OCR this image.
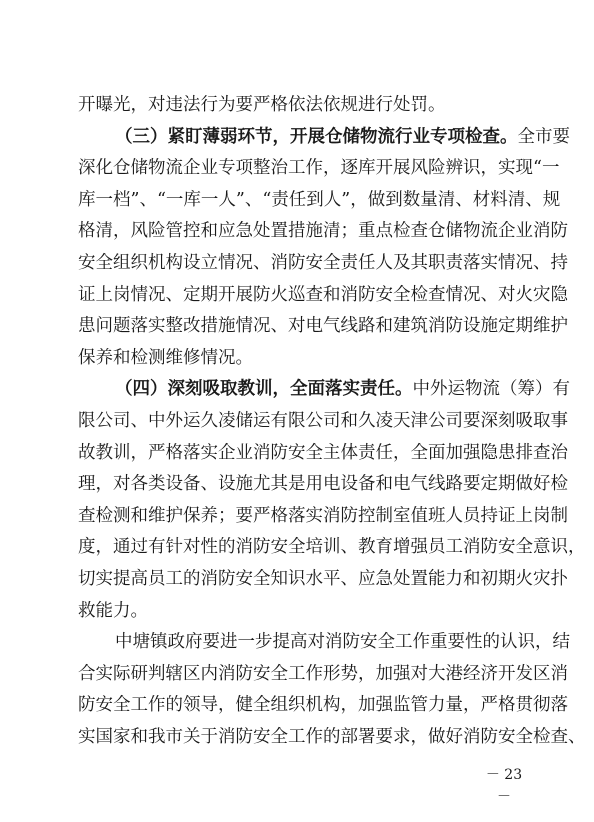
开曝光，对违法行为要严格依法依规进行处罚。
（三）紧盯薄弱环节，开展仓储物流行业专项检查。全市要
深化仓储物流企业专项整治工作，逐库开展风险辨识，实现“一
库一档”、“一库一人”、“责任到人”，做到数量清、材料清、规
格清，风险管控和应急处置措施清；重点检查仓储物流企业消防
安全组织机构设立情况、消防安全责任人及其职责落实情况、持
证上岗情况、定期开展防火巡查和消防安全检查情况、对火灾隐
患问题落实整改措施情况、对电气线路和建筑消防设施定期维护
保养和检测维修情况。
（四）深刻吸取教训，全面落实责任。中外运物流（筹）有
限公司、中外运久凌储运有限公司和久凌天津公司要深刻吸取事
故教训，严格落实企业消防安全主体责任，全面加强隐患排查治
理，对各类设备、设施尤其是用电设备和电气线路要定期做好检
查检测和维护保养；要严格落实消防控制室值班人员持证上岗制
度，通过有针对性的消防安全培训、教育增强员工消防安全意识，
切实提高员工的消防安全知识水平、应急处置能力和初期火灾扑
救能力。
中塘镇政府要进一步提高对消防安全工作重要性的认识，结
合实际研判辖区内消防安全工作形势，加强对大港经济开发区消
防安全工作的领导，健全组织机构，加强监管力量，严格贯彻落
实国家和我市关于消防安全工作的部署要求，做好消防安全检查、
－ 23 －
